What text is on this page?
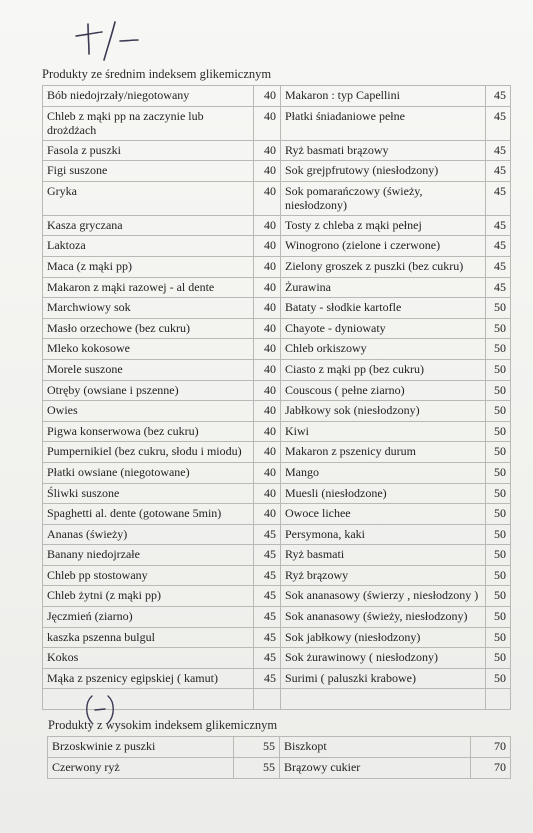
Produkty ze średnim indeksem glikemicznym
Bób niedojrzały/niegotowany	40	Makaron : typ Capellini	45
Chleb z mąki pp na zaczynie lub drożdżach	40	Płatki śniadaniowe pełne	45
Fasola z puszki	40	Ryż basmati brązowy	45
Figi suszone	40	Sok grejpfrutowy (niesłodzony)	45
Gryka	40	Sok pomarańczowy (świeży, niesłodzony)	45
Kasza gryczana	40	Tosty z chleba z mąki pełnej	45
Laktoza	40	Winogrono (zielone i czerwone)	45
Maca (z mąki pp)	40	Zielony groszek z puszki (bez cukru)	45
Makaron z mąki razowej - al dente	40	Żurawina	45
Marchwiowy sok	40	Bataty - słodkie kartofle	50
Masło orzechowe (bez cukru)	40	Chayote - dyniowaty	50
Mleko kokosowe	40	Chleb orkiszowy	50
Morele suszone	40	Ciasto z mąki pp (bez cukru)	50
Otręby (owsiane i pszenne)	40	Couscous ( pełne ziarno)	50
Owies	40	Jabłkowy sok (niesłodzony)	50
Pigwa konserwowa (bez cukru)	40	Kiwi	50
Pumpernikiel (bez cukru, słodu i miodu)	40	Makaron z pszenicy durum	50
Płatki owsiane (niegotowane)	40	Mango	50
Śliwki suszone	40	Muesli (niesłodzone)	50
Spaghetti al. dente (gotowane 5min)	40	Owoce lichee	50
Ananas (świeży)	45	Persymona, kaki	50
Banany niedojrzałe	45	Ryż basmati	50
Chleb pp stostowany	45	Ryż brązowy	50
Chleb żytni (z mąki pp)	45	Sok ananasowy (świerzy , niesłodzony )	50
Jęczmień (ziarno)	45	Sok ananasowy (świeży, niesłodzony)	50
kaszka pszenna bulgul	45	Sok jabłkowy (niesłodzony)	50
Kokos	45	Sok żurawinowy ( niesłodzony)	50
Mąka z pszenicy egipskiej ( kamut)	45	Surimi ( paluszki krabowe)	50

Produkty z wysokim indeksem glikemicznym
Brzoskwinie z puszki	55	Biszkopt	70
Czerwony ryż	55	Brązowy cukier	70
